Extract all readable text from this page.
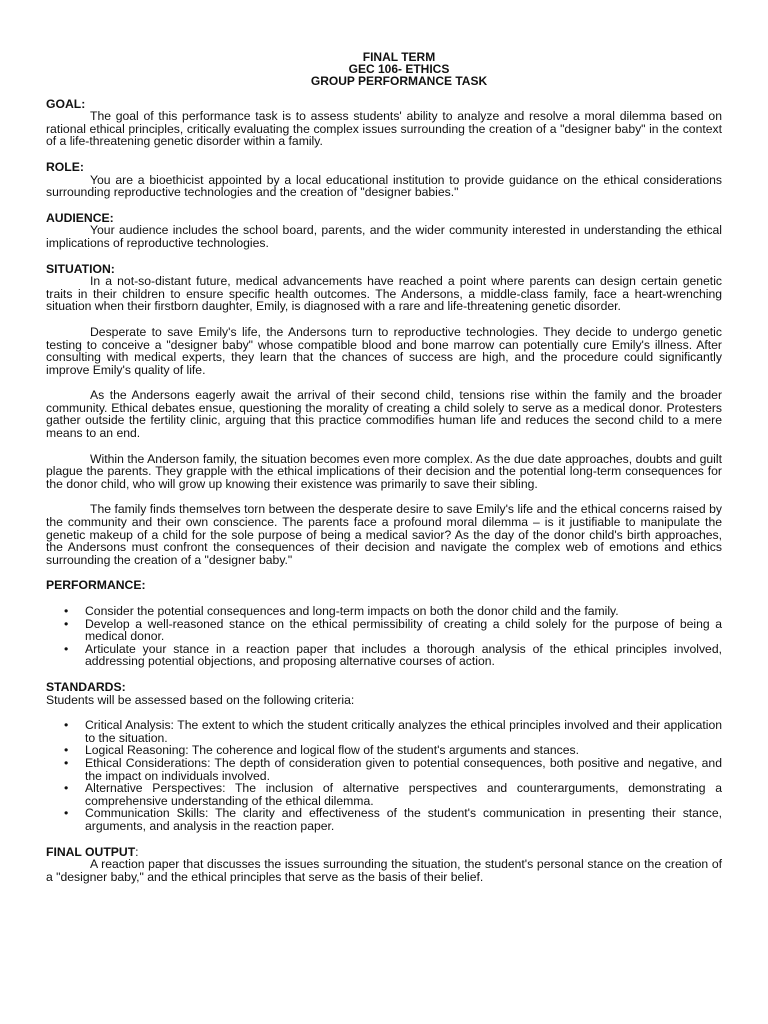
FINAL TERM
GEC 106- ETHICS
GROUP PERFORMANCE TASK
GOAL:

The goal of this performance task is to assess students' ability to analyze and resolve a moral dilemma based on rational ethical principles, critically evaluating the complex issues surrounding the creation of a "designer baby" in the context of a life-threatening genetic disorder within a family.

ROLE:

You are a bioethicist appointed by a local educational institution to provide guidance on the ethical considerations surrounding reproductive technologies and the creation of "designer babies."

AUDIENCE:

Your audience includes the school board, parents, and the wider community interested in understanding the ethical implications of reproductive technologies.

SITUATION:

In a not-so-distant future, medical advancements have reached a point where parents can design certain genetic traits in their children to ensure specific health outcomes. The Andersons, a middle-class family, face a heart-wrenching situation when their firstborn daughter, Emily, is diagnosed with a rare and life-threatening genetic disorder.

Desperate to save Emily's life, the Andersons turn to reproductive technologies. They decide to undergo genetic testing to conceive a "designer baby" whose compatible blood and bone marrow can potentially cure Emily's illness. After consulting with medical experts, they learn that the chances of success are high, and the procedure could significantly improve Emily's quality of life.

As the Andersons eagerly await the arrival of their second child, tensions rise within the family and the broader community. Ethical debates ensue, questioning the morality of creating a child solely to serve as a medical donor. Protesters gather outside the fertility clinic, arguing that this practice commodifies human life and reduces the second child to a mere means to an end.

Within the Anderson family, the situation becomes even more complex. As the due date approaches, doubts and guilt plague the parents. They grapple with the ethical implications of their decision and the potential long-term consequences for the donor child, who will grow up knowing their existence was primarily to save their sibling.

The family finds themselves torn between the desperate desire to save Emily's life and the ethical concerns raised by the community and their own conscience. The parents face a profound moral dilemma – is it justifiable to manipulate the genetic makeup of a child for the sole purpose of being a medical savior? As the day of the donor child's birth approaches, the Andersons must confront the consequences of their decision and navigate the complex web of emotions and ethics surrounding the creation of a "designer baby."

PERFORMANCE:
• Consider the potential consequences and long-term impacts on both the donor child and the family.
• Develop a well-reasoned stance on the ethical permissibility of creating a child solely for the purpose of being a medical donor.
• Articulate your stance in a reaction paper that includes a thorough analysis of the ethical principles involved, addressing potential objections, and proposing alternative courses of action.
STANDARDS:

Students will be assessed based on the following criteria:

• Critical Analysis: The extent to which the student critically analyzes the ethical principles involved and their application to the situation.
• Logical Reasoning: The coherence and logical flow of the student's arguments and stances.
• Ethical Considerations: The depth of consideration given to potential consequences, both positive and negative, and the impact on individuals involved.
• Alternative Perspectives: The inclusion of alternative perspectives and counterarguments, demonstrating a comprehensive understanding of the ethical dilemma.
• Communication Skills: The clarity and effectiveness of the student's communication in presenting their stance, arguments, and analysis in the reaction paper.
FINAL OUTPUT:

A reaction paper that discusses the issues surrounding the situation, the student's personal stance on the creation of a "designer baby," and the ethical principles that serve as the basis of their belief.
